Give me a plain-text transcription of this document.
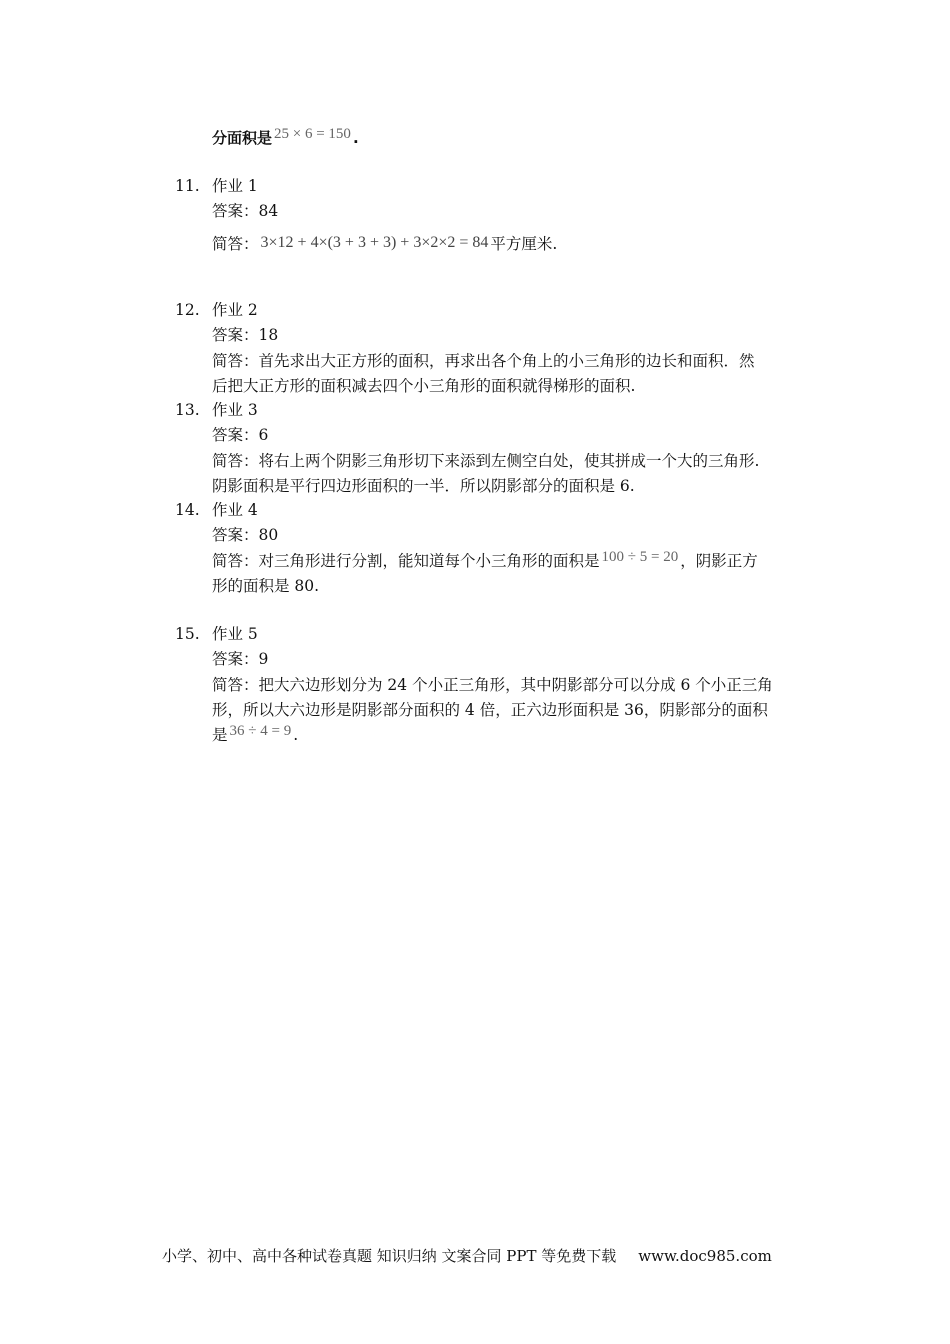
分面积是 25 × 6 = 150 .
11. 作业 1
答案：84
简答： 3×12 + 4×(3 + 3 + 3) + 3×2×2 = 84 平方厘米.
12. 作业 2
答案：18
简答：首先求出大正方形的面积，再求出各个角上的小三角形的边长和面积．然
后把大正方形的面积减去四个小三角形的面积就得梯形的面积.
13. 作业 3
答案：6
简答：将右上两个阴影三角形切下来添到左侧空白处，使其拼成一个大的三角形.
阴影面积是平行四边形面积的一半．所以阴影部分的面积是 6.
14. 作业 4
答案：80
简答：对三角形进行分割，能知道每个小三角形的面积是 100 ÷ 5 = 20 ，阴影正方
形的面积是 80.
15. 作业 5
答案：9
简答：把大六边形划分为 24 个小正三角形，其中阴影部分可以分成 6 个小正三角
形，所以大六边形是阴影部分面积的 4 倍，正六边形面积是 36，阴影部分的面积
是 36 ÷ 4 = 9 .
小学、初中、高中各种试卷真题 知识归纳 文案合同 PPT 等免费下载 www.doc985.com
